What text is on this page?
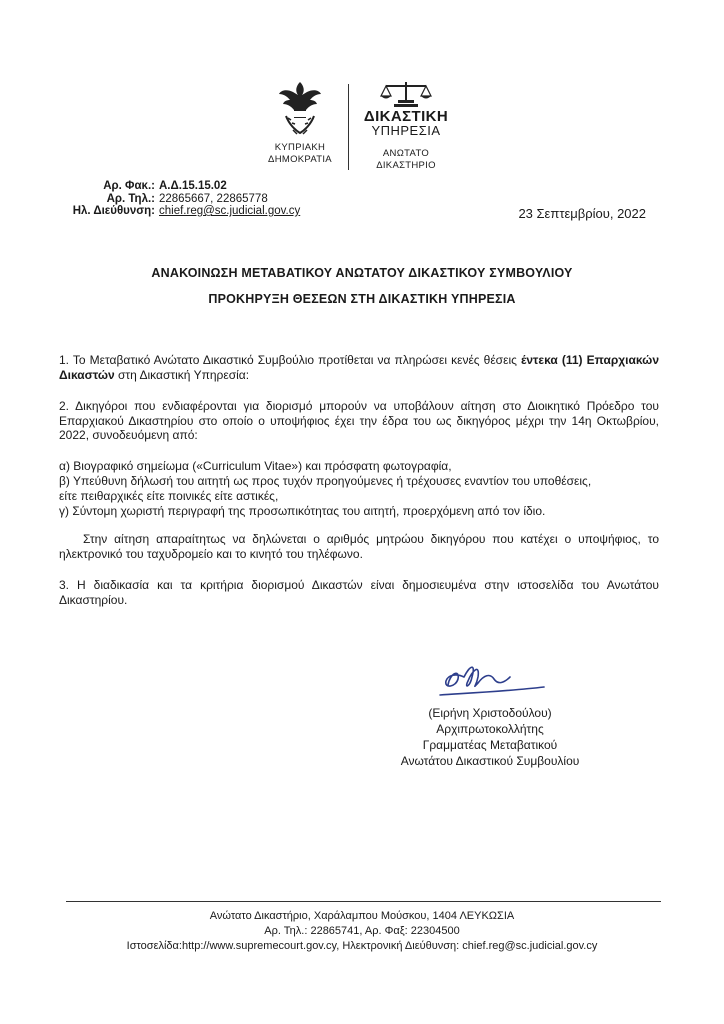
ΚΥΠΡΙΑΚΗ
ΔΗΜΟΚΡΑΤΙΑ
ΔΙΚΑΣΤΙΚΗ
ΥΠΗΡΕΣΙΑ
ΑΝΩΤΑΤΟ
ΔΙΚΑΣΤΗΡΙΟ
Αρ. Φακ.: Α.Δ.15.15.02
Αρ. Τηλ.: 22865667, 22865778
Ηλ. Διεύθυνση: chief.reg@sc.judicial.gov.cy	23 Σεπτεμβρίου, 2022
ΑΝΑΚΟΙΝΩΣΗ ΜΕΤΑΒΑΤΙΚΟΥ ΑΝΩΤΑΤΟΥ ΔΙΚΑΣΤΙΚΟΥ ΣΥΜΒΟΥΛΙΟΥ
ΠΡΟΚΗΡΥΞΗ ΘΕΣΕΩΝ ΣΤΗ ΔΙΚΑΣΤΙΚΗ ΥΠΗΡΕΣΙΑ
1. Το Μεταβατικό Ανώτατο Δικαστικό Συμβούλιο προτίθεται να πληρώσει κενές θέσεις έντεκα (11) Επαρχιακών Δικαστών στη Δικαστική Υπηρεσία:
2. Δικηγόροι που ενδιαφέρονται για διορισμό μπορούν να υποβάλουν αίτηση στο Διοικητικό Πρόεδρο του Επαρχιακού Δικαστηρίου στο οποίο ο υποψήφιος έχει την έδρα του ως δικηγόρος μέχρι την 14η Οκτωβρίου, 2022, συνοδευόμενη από:
α) Βιογραφικό σημείωμα («Curriculum Vitae») και πρόσφατη φωτογραφία,
β) Υπεύθυνη δήλωσή του αιτητή ως προς τυχόν προηγούμενες ή τρέχουσες εναντίον του υποθέσεις,
είτε πειθαρχικές είτε ποινικές είτε αστικές,
γ) Σύντομη χωριστή περιγραφή της προσωπικότητας του αιτητή, προερχόμενη από τον ίδιο.
Στην αίτηση απαραίτητως να δηλώνεται ο αριθμός μητρώου δικηγόρου που κατέχει ο υποψήφιος, το ηλεκτρονικό του ταχυδρομείο και το κινητό του τηλέφωνο.
3. Η διαδικασία και τα κριτήρια διορισμού Δικαστών είναι δημοσιευμένα στην ιστοσελίδα του Ανωτάτου Δικαστηρίου.
(Ειρήνη Χριστοδούλου)
Αρχιπρωτοκολλήτης
Γραμματέας Μεταβατικού
Ανωτάτου Δικαστικού Συμβουλίου
Ανώτατο Δικαστήριο, Χαράλαμπου Μούσκου, 1404 ΛΕΥΚΩΣΙΑ
Αρ. Τηλ.: 22865741, Αρ. Φαξ: 22304500
Ιστοσελίδα:http://www.supremecourt.gov.cy, Ηλεκτρονική Διεύθυνση: chief.reg@sc.judicial.gov.cy
